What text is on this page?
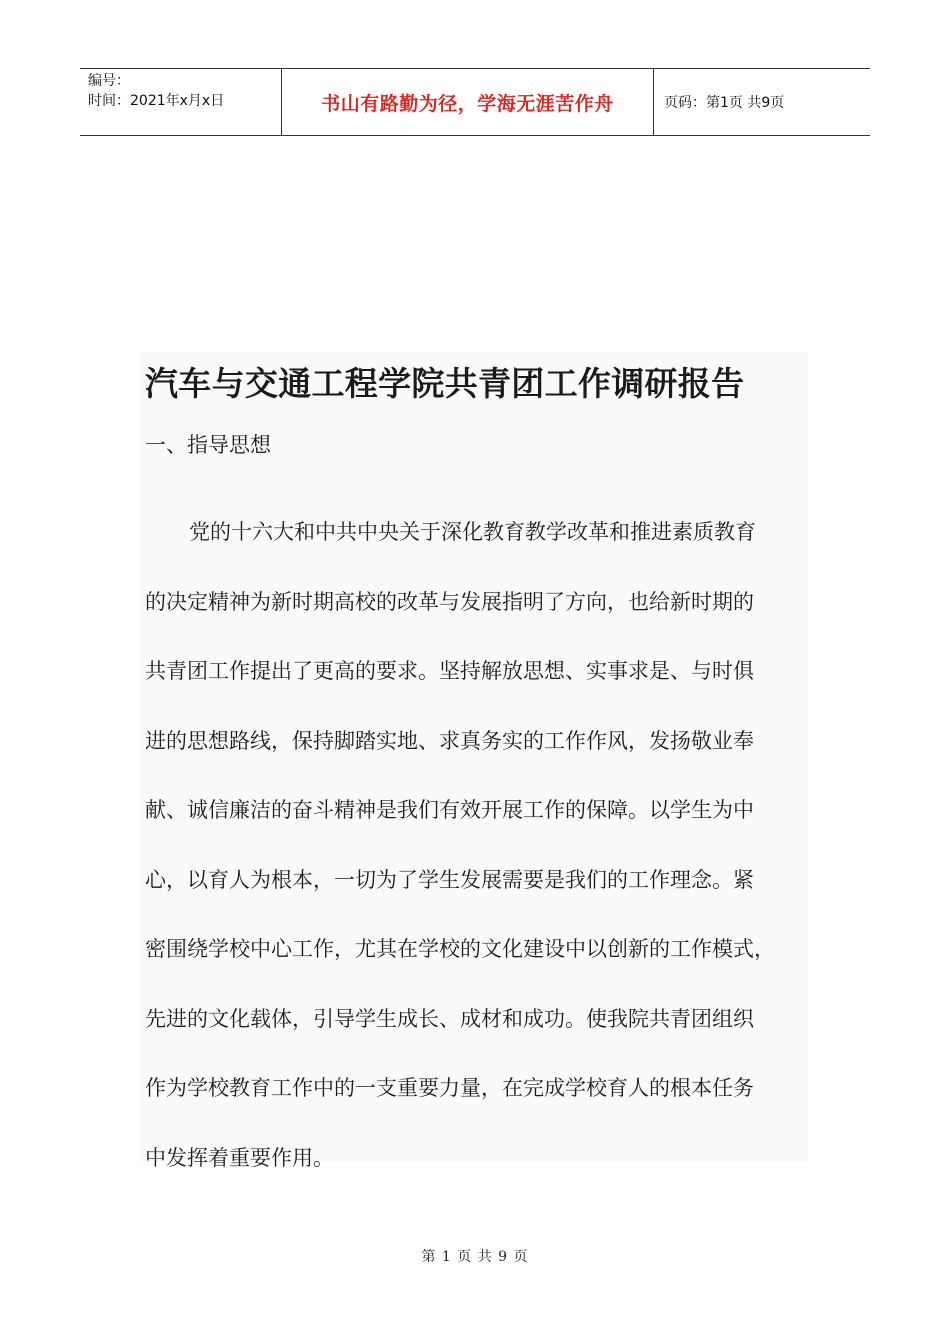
编号：
时间：2021年x月x日	书山有路勤为径，学海无涯苦作舟	页码：第1页 共9页
汽车与交通工程学院共青团工作调研报告
一、指导思想
党的十六大和中共中央关于深化教育教学改革和推进素质教育
的决定精神为新时期高校的改革与发展指明了方向，也给新时期的
共青团工作提出了更高的要求。坚持解放思想、实事求是、与时俱
进的思想路线，保持脚踏实地、求真务实的工作作风，发扬敬业奉
献、诚信廉洁的奋斗精神是我们有效开展工作的保障。以学生为中
心，以育人为根本，一切为了学生发展需要是我们的工作理念。紧
密围绕学校中心工作，尤其在学校的文化建设中以创新的工作模式，
先进的文化载体，引导学生成长、成材和成功。使我院共青团组织
作为学校教育工作中的一支重要力量，在完成学校育人的根本任务
中发挥着重要作用。
第 1 页 共 9 页
